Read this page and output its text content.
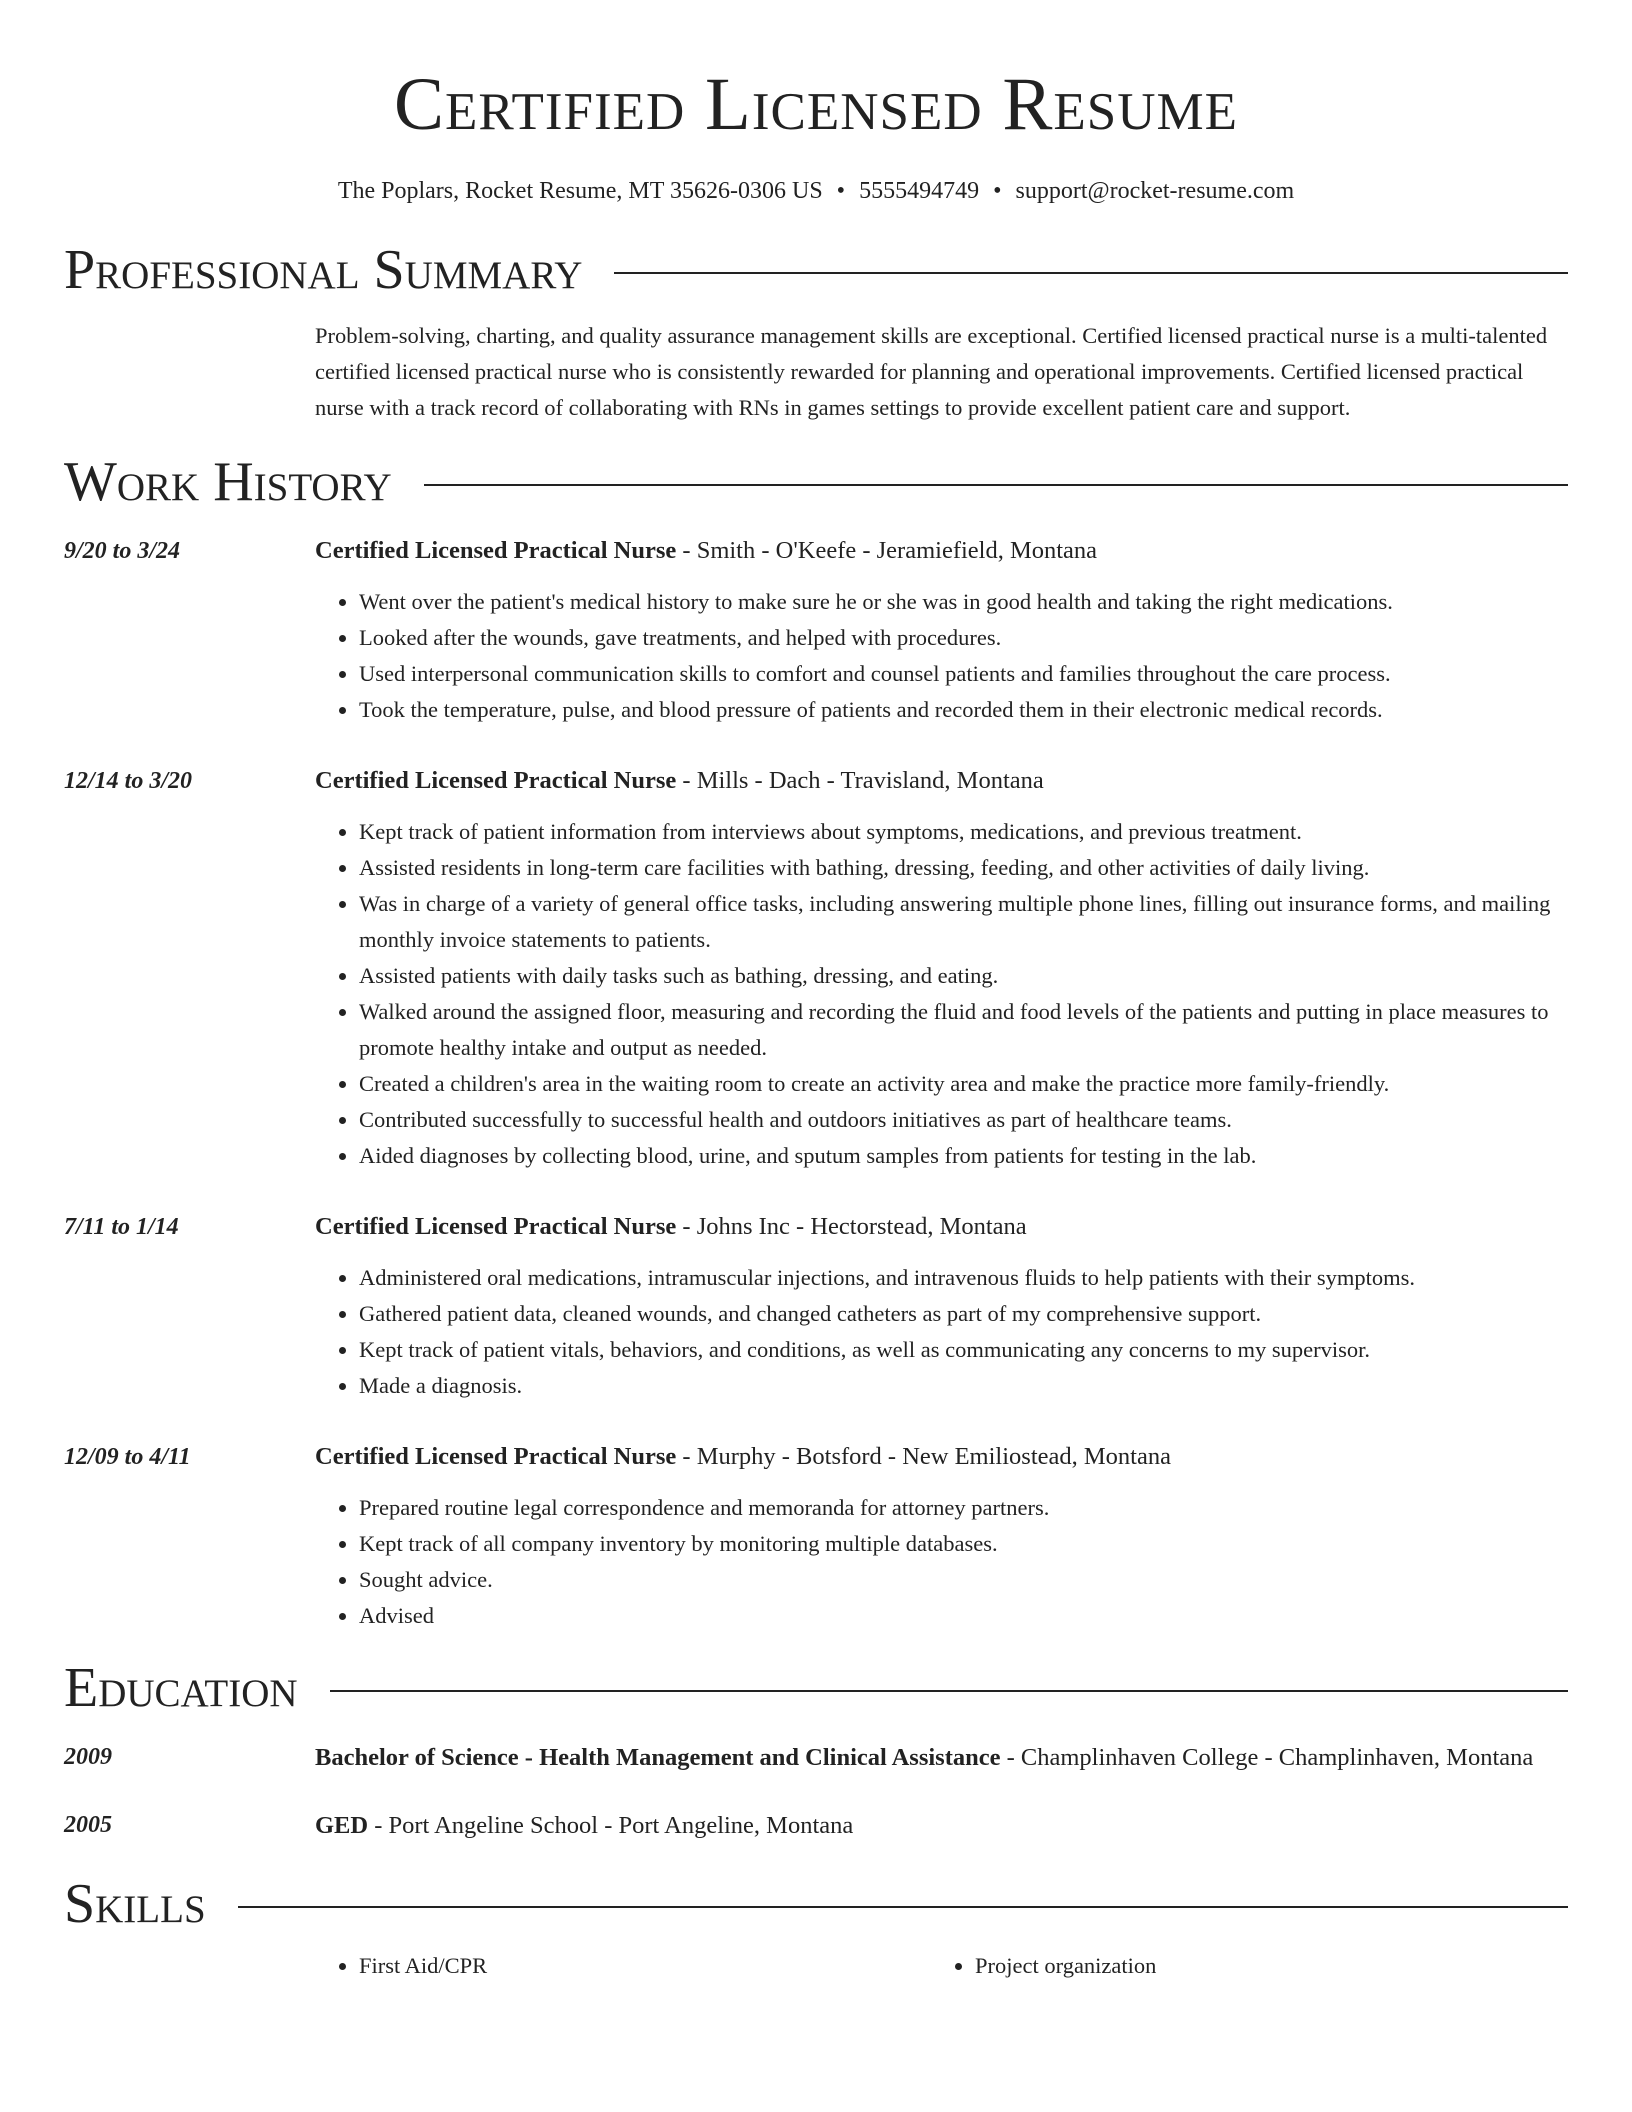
Certified Licensed Resume
The Poplars, Rocket Resume, MT 35626-0306 US • 5555494749 • support@rocket-resume.com
Professional Summary

Problem-solving, charting, and quality assurance management skills are exceptional. Certified licensed practical nurse is a multi-talented certified licensed practical nurse who is consistently rewarded for planning and operational improvements. Certified licensed practical nurse with a track record of collaborating with RNs in games settings to provide excellent patient care and support.

Work History
9/20 to 3/24	Certified Licensed Practical Nurse - Smith - O'Keefe - Jeramiefield, Montana
• Went over the patient's medical history to make sure he or she was in good health and taking the right medications.
• Looked after the wounds, gave treatments, and helped with procedures.
• Used interpersonal communication skills to comfort and counsel patients and families throughout the care process.
• Took the temperature, pulse, and blood pressure of patients and recorded them in their electronic medical records.
12/14 to 3/20	Certified Licensed Practical Nurse - Mills - Dach - Travisland, Montana
• Kept track of patient information from interviews about symptoms, medications, and previous treatment.
• Assisted residents in long-term care facilities with bathing, dressing, feeding, and other activities of daily living.
• Was in charge of a variety of general office tasks, including answering multiple phone lines, filling out insurance forms, and mailing monthly invoice statements to patients.
• Assisted patients with daily tasks such as bathing, dressing, and eating.
• Walked around the assigned floor, measuring and recording the fluid and food levels of the patients and putting in place measures to promote healthy intake and output as needed.
• Created a children's area in the waiting room to create an activity area and make the practice more family-friendly.
• Contributed successfully to successful health and outdoors initiatives as part of healthcare teams.
• Aided diagnoses by collecting blood, urine, and sputum samples from patients for testing in the lab.
7/11 to 1/14	Certified Licensed Practical Nurse - Johns Inc - Hectorstead, Montana
• Administered oral medications, intramuscular injections, and intravenous fluids to help patients with their symptoms.
• Gathered patient data, cleaned wounds, and changed catheters as part of my comprehensive support.
• Kept track of patient vitals, behaviors, and conditions, as well as communicating any concerns to my supervisor.
• Made a diagnosis.
12/09 to 4/11	Certified Licensed Practical Nurse - Murphy - Botsford - New Emiliostead, Montana
• Prepared routine legal correspondence and memoranda for attorney partners.
• Kept track of all company inventory by monitoring multiple databases.
• Sought advice.
• Advised
Education
2009	Bachelor of Science - Health Management and Clinical Assistance - Champlinhaven College - Champlinhaven, Montana
2005	GED - Port Angeline School - Port Angeline, Montana
Skills
• First Aid/CPR
•	Project organization
